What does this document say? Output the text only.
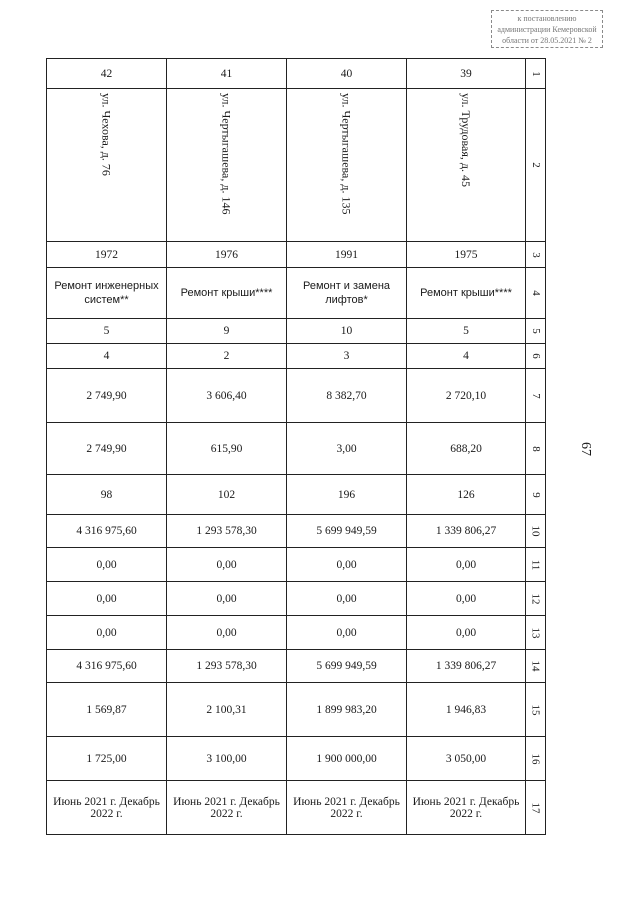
к постановлению
администрации Кемеровской
области от 28.05.2021 № 2
67
42	41	40	39	1
ул. Чехова, д. 76	ул. Чертыгашева, д. 146	ул. Чертыгашева, д. 135	ул. Трудовая, д. 45	2
1972	1976	1991	1975	3
Ремонт инженерных систем**	Ремонт крыши****	Ремонт и замена лифтов*	Ремонт крыши****	4
5	9	10	5	5
4	2	3	4	6
2 749,90	3 606,40	8 382,70	2 720,10	7
2 749,90	615,90	3,00	688,20	8
98	102	196	126	9
4 316 975,60	1 293 578,30	5 699 949,59	1 339 806,27	10
0,00	0,00	0,00	0,00	11
0,00	0,00	0,00	0,00	12
0,00	0,00	0,00	0,00	13
4 316 975,60	1 293 578,30	5 699 949,59	1 339 806,27	14
1 569,87	2 100,31	1 899 983,20	1 946,83	15
1 725,00	3 100,00	1 900 000,00	3 050,00	16
Июнь 2021 г. Декабрь 2022 г.	Июнь 2021 г. Декабрь 2022 г.	Июнь 2021 г. Декабрь 2022 г.	Июнь 2021 г. Декабрь 2022 г.	17
